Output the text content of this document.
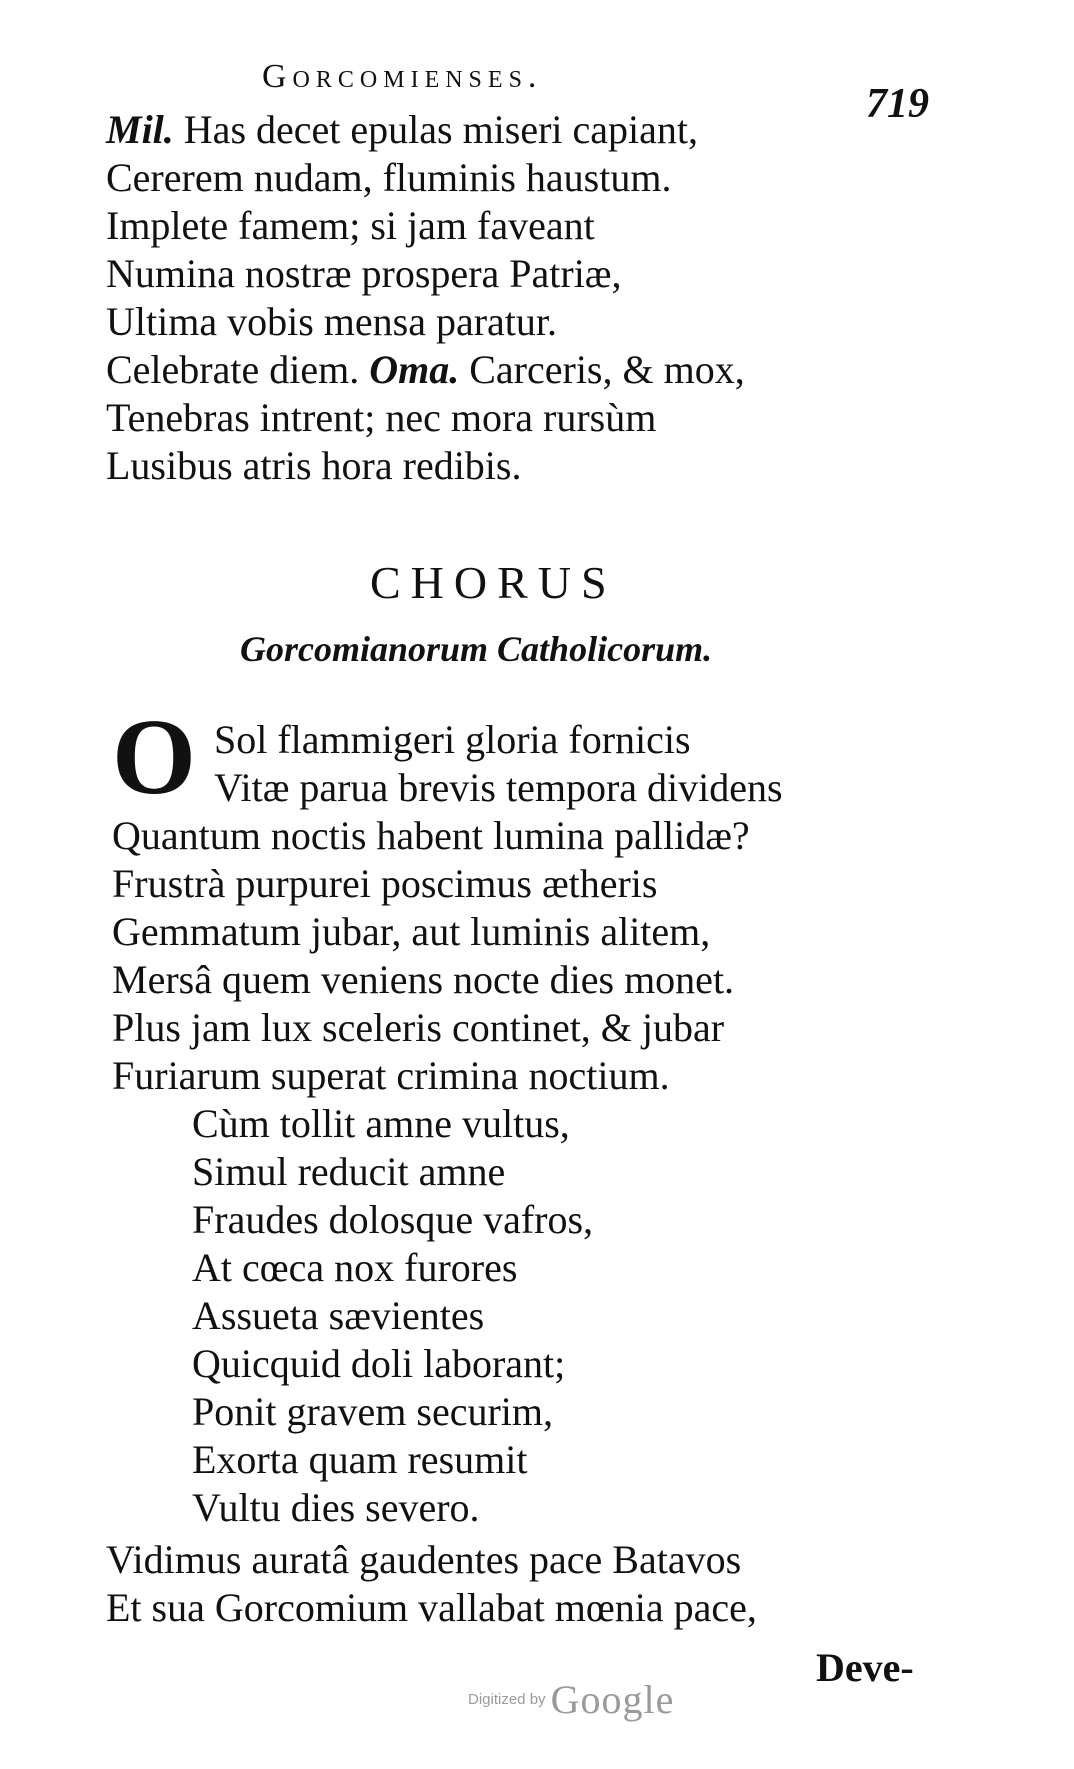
Gorcomienses.
719
Mil. Has decet epulas miseri capiant,
Cererem nudam, fluminis haustum.
Implete famem; si jam faveant
Numina nostræ prospera Patriæ,
Ultima vobis mensa paratur.
Celebrate diem. Oma. Carceris, & mox,
Tenebras intrent; nec mora rursùm
Lusibus atris hora redibis.
CHORUS
Gorcomianorum Catholicorum.
O Sol flammigeri gloria fornicis
Vitæ parua brevis tempora dividens
Quantum noctis habent lumina pallidæ?
Frustrà purpurei poscimus ætheris
Gemmatum jubar, aut luminis alitem,
Mersâ quem veniens nocte dies monet.
Plus jam lux sceleris continet, & jubar
Furiarum superat crimina noctium.
Cùm tollit amne vultus,
Simul reducit amne
Fraudes dolosque vafros,
At cœca nox furores
Assueta sævientes
Quicquid doli laborant;
Ponit gravem securim,
Exorta quam resumit
Vultu dies severo.
Vidimus auratâ gaudentes pace Batavos
Et sua Gorcomium vallabat mœnia pace,
Deve-
Digitized by Google
